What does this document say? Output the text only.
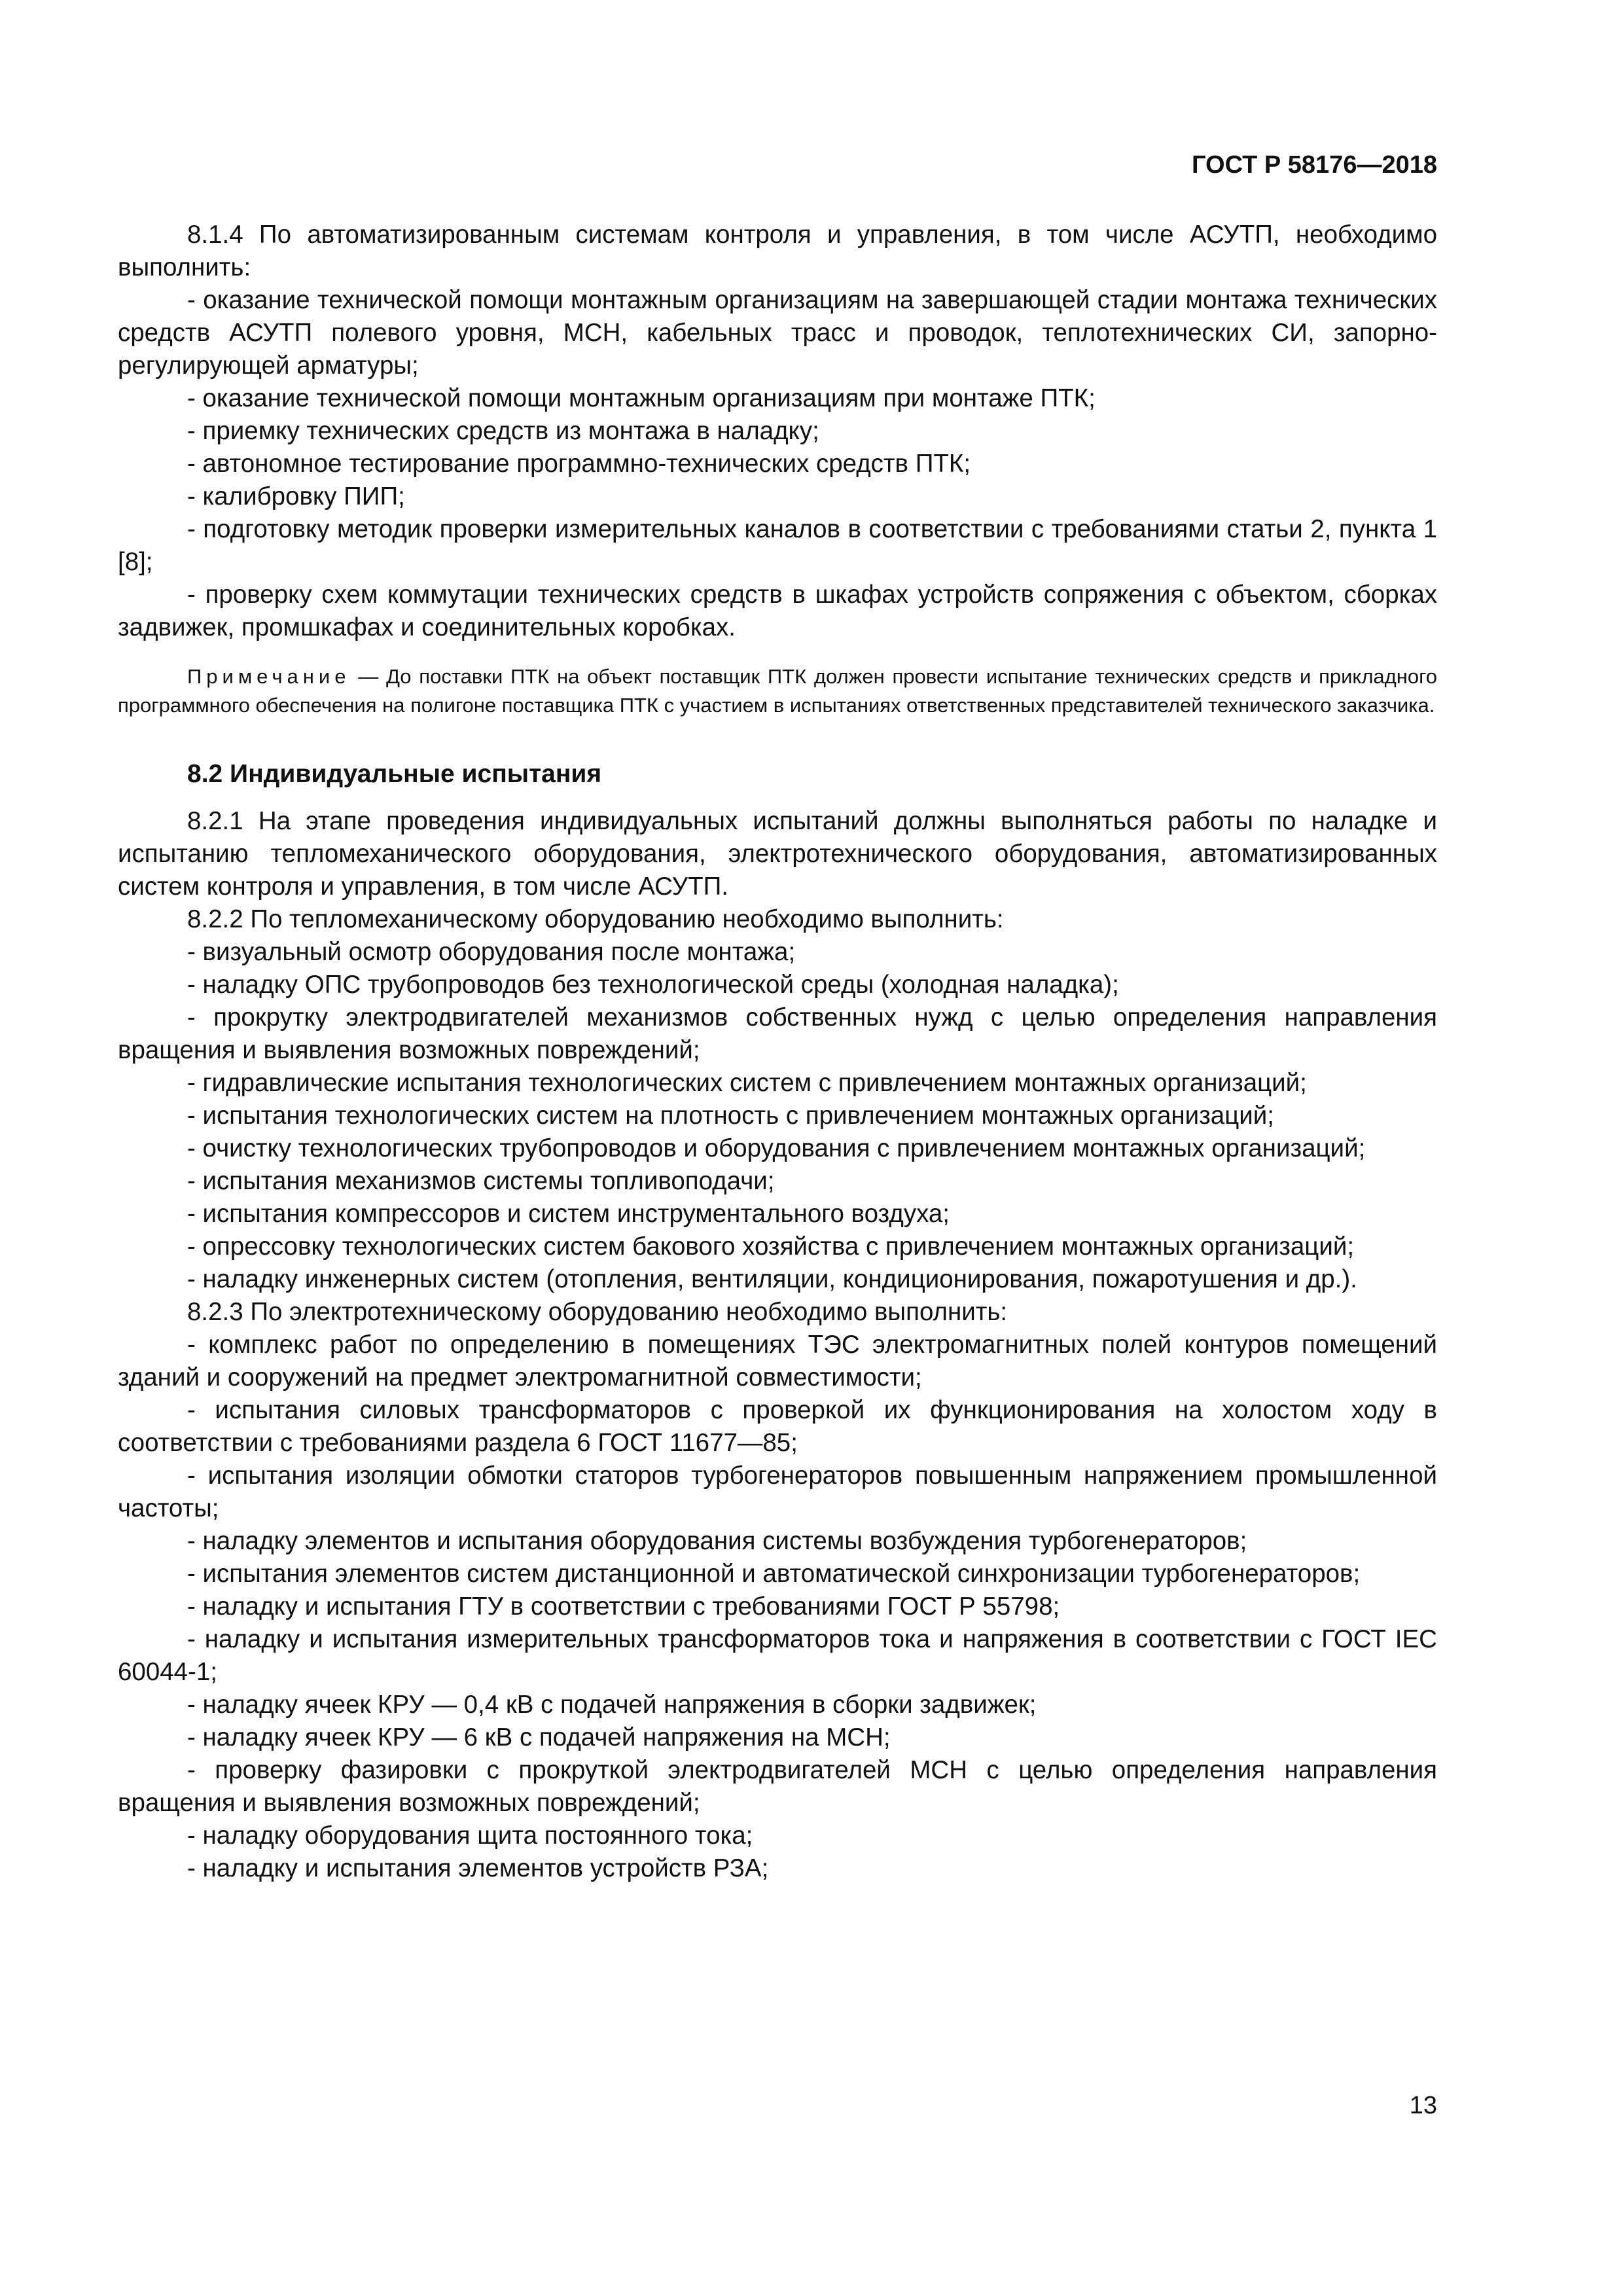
ГОСТ Р 58176—2018

8.1.4 По автоматизированным системам контроля и управления, в том числе АСУТП, необходимо выполнить:

- оказание технической помощи монтажным организациям на завершающей стадии монтажа технических средств АСУТП полевого уровня, МСН, кабельных трасс и проводок, теплотехнических СИ, запорно-регулирующей арматуры;

- оказание технической помощи монтажным организациям при монтаже ПТК;

- приемку технических средств из монтажа в наладку;

- автономное тестирование программно-технических средств ПТК;

- калибровку ПИП;

- подготовку методик проверки измерительных каналов в соответствии с требованиями статьи 2, пункта 1 [8];

- проверку схем коммутации технических средств в шкафах устройств сопряжения с объектом, сборках задвижек, промшкафах и соединительных коробках.

Примечание — До поставки ПТК на объект поставщик ПТК должен провести испытание технических средств и прикладного программного обеспечения на полигоне поставщика ПТК с участием в испытаниях ответственных представителей технического заказчика.

8.2 Индивидуальные испытания

8.2.1 На этапе проведения индивидуальных испытаний должны выполняться работы по наладке и испытанию тепломеханического оборудования, электротехнического оборудования, автоматизированных систем контроля и управления, в том числе АСУТП.

8.2.2 По тепломеханическому оборудованию необходимо выполнить:

- визуальный осмотр оборудования после монтажа;

- наладку ОПС трубопроводов без технологической среды (холодная наладка);

- прокрутку электродвигателей механизмов собственных нужд с целью определения направления вращения и выявления возможных повреждений;

- гидравлические испытания технологических систем с привлечением монтажных организаций;

- испытания технологических систем на плотность с привлечением монтажных организаций;

- очистку технологических трубопроводов и оборудования с привлечением монтажных организаций;

- испытания механизмов системы топливоподачи;

- испытания компрессоров и систем инструментального воздуха;

- опрессовку технологических систем бакового хозяйства с привлечением монтажных организаций;

- наладку инженерных систем (отопления, вентиляции, кондиционирования, пожаротушения и др.).

8.2.3 По электротехническому оборудованию необходимо выполнить:

- комплекс работ по определению в помещениях ТЭС электромагнитных полей контуров помещений зданий и сооружений на предмет электромагнитной совместимости;

- испытания силовых трансформаторов с проверкой их функционирования на холостом ходу в соответствии с требованиями раздела 6 ГОСТ 11677—85;

- испытания изоляции обмотки статоров турбогенераторов повышенным напряжением промышленной частоты;

- наладку элементов и испытания оборудования системы возбуждения турбогенераторов;

- испытания элементов систем дистанционной и автоматической синхронизации турбогенераторов;

- наладку и испытания ГТУ в соответствии с требованиями ГОСТ Р 55798;

- наладку и испытания измерительных трансформаторов тока и напряжения в соответствии с ГОСТ IEC 60044-1;

- наладку ячеек КРУ — 0,4 кВ с подачей напряжения в сборки задвижек;

- наладку ячеек КРУ — 6 кВ с подачей напряжения на МСН;

- проверку фазировки с прокруткой электродвигателей МСН с целью определения направления вращения и выявления возможных повреждений;

- наладку оборудования щита постоянного тока;

- наладку и испытания элементов устройств РЗА;

13
